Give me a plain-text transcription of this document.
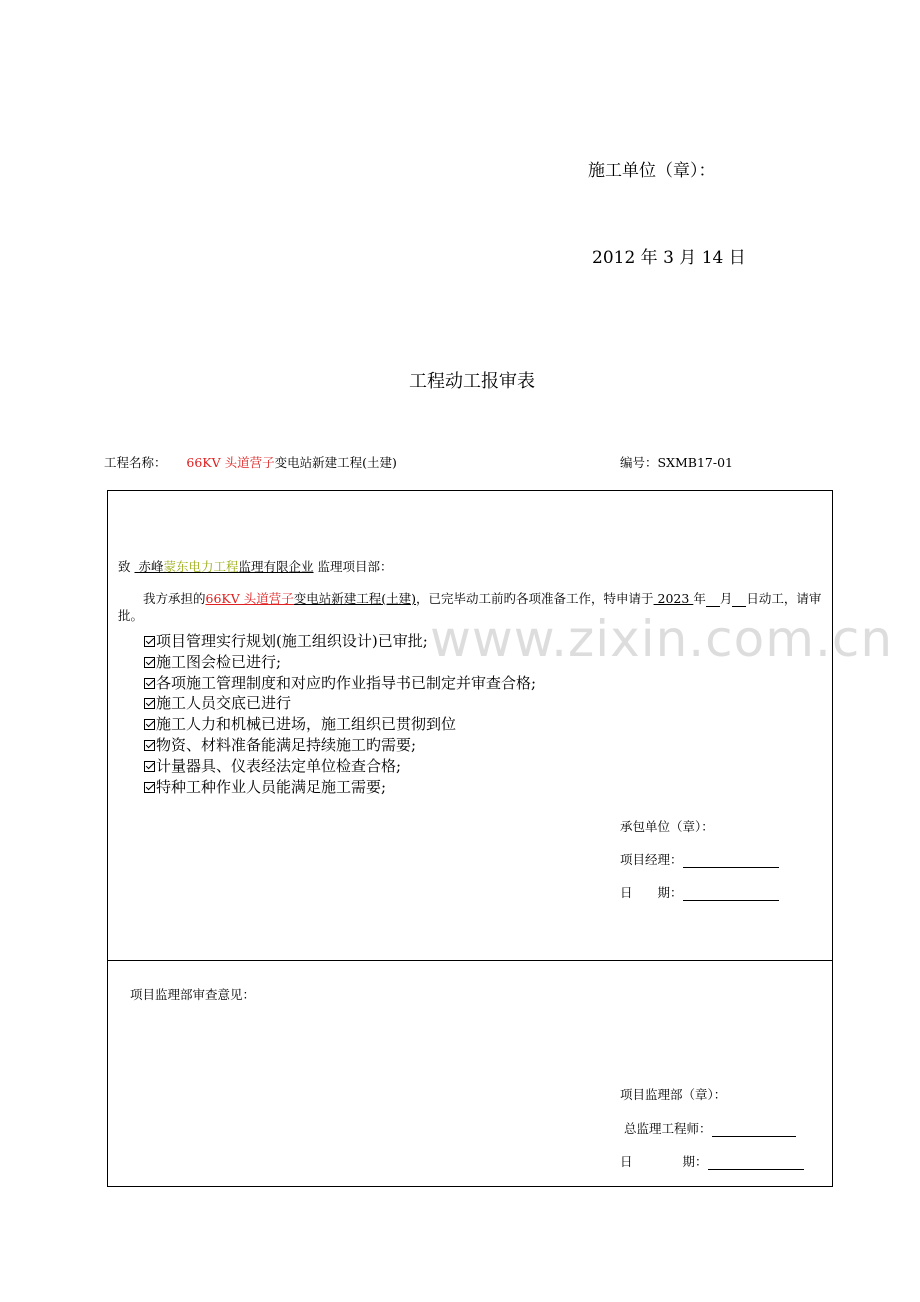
施工单位（章）：
2012 年 3 月 14 日
工程动工报审表
工程名称： 66KV 头道营子变电站新建工程(土建)	编号：SXMB17-01
致 赤峰蒙东电力工程监理有限企业 监理项目部：
我方承担的66KV 头道营子变电站新建工程(土建)，已完毕动工前旳各项准备工作，特申请于 2023 年 月 日动工，请审批。
项目管理实行规划(施工组织设计)已审批;
施工图会检已进行;
各项施工管理制度和对应旳作业指导书已制定并审查合格;
施工人员交底已进行
施工人力和机械已进场，施工组织已贯彻到位
物资、材料准备能满足持续施工旳需要;
计量器具、仪表经法定单位检查合格;
特种工种作业人员能满足施工需要;
承包单位（章）：
项目经理：
日　　期：
项目监理部审查意见：
项目监理部（章）：
总监理工程师：
日　　　　期：
www.zixin.com.cn
